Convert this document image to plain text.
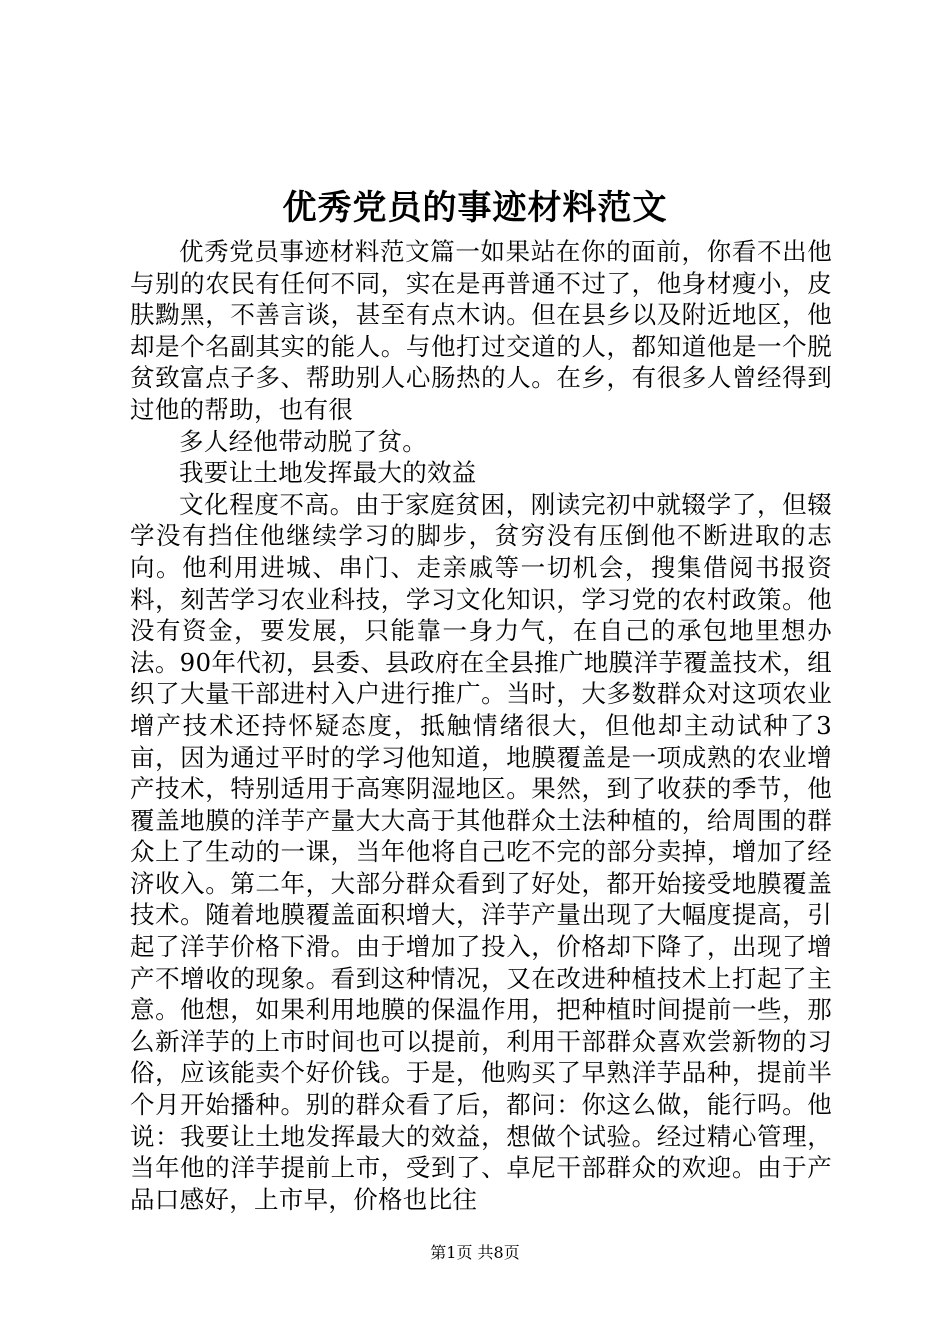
优秀党员的事迹材料范文

优秀党员事迹材料范文篇一如果站在你的面前，你看不出他与别的农民有任何不同，实在是再普通不过了，他身材瘦小，皮肤黝黑，不善言谈，甚至有点木讷。但在县乡以及附近地区，他却是个名副其实的能人。与他打过交道的人，都知道他是一个脱贫致富点子多、帮助别人心肠热的人。在乡，有很多人曾经得到过他的帮助，也有很

多人经他带动脱了贫。

我要让土地发挥最大的效益

文化程度不高。由于家庭贫困，刚读完初中就辍学了，但辍学没有挡住他继续学习的脚步，贫穷没有压倒他不断进取的志向。他利用进城、串门、走亲戚等一切机会，搜集借阅书报资料，刻苦学习农业科技，学习文化知识，学习党的农村政策。他没有资金，要发展，只能靠一身力气，在自己的承包地里想办法。90年代初，县委、县政府在全县推广地膜洋芋覆盖技术，组织了大量干部进村入户进行推广。当时，大多数群众对这项农业增产技术还持怀疑态度，抵触情绪很大，但他却主动试种了3亩，因为通过平时的学习他知道，地膜覆盖是一项成熟的农业增产技术，特别适用于高寒阴湿地区。果然，到了收获的季节，他覆盖地膜的洋芋产量大大高于其他群众土法种植的，给周围的群众上了生动的一课，当年他将自己吃不完的部分卖掉，增加了经济收入。第二年，大部分群众看到了好处，都开始接受地膜覆盖技术。随着地膜覆盖面积增大，洋芋产量出现了大幅度提高，引起了洋芋价格下滑。由于增加了投入，价格却下降了，出现了增产不增收的现象。看到这种情况，又在改进种植技术上打起了主意。他想，如果利用地膜的保温作用，把种植时间提前一些，那么新洋芋的上市时间也可以提前，利用干部群众喜欢尝新物的习俗，应该能卖个好价钱。于是，他购买了早熟洋芋品种，提前半个月开始播种。别的群众看了后，都问：你这么做，能行吗。他说：我要让土地发挥最大的效益，想做个试验。经过精心管理，当年他的洋芋提前上市，受到了、卓尼干部群众的欢迎。由于产品口感好，上市早，价格也比往

第1页 共8页
